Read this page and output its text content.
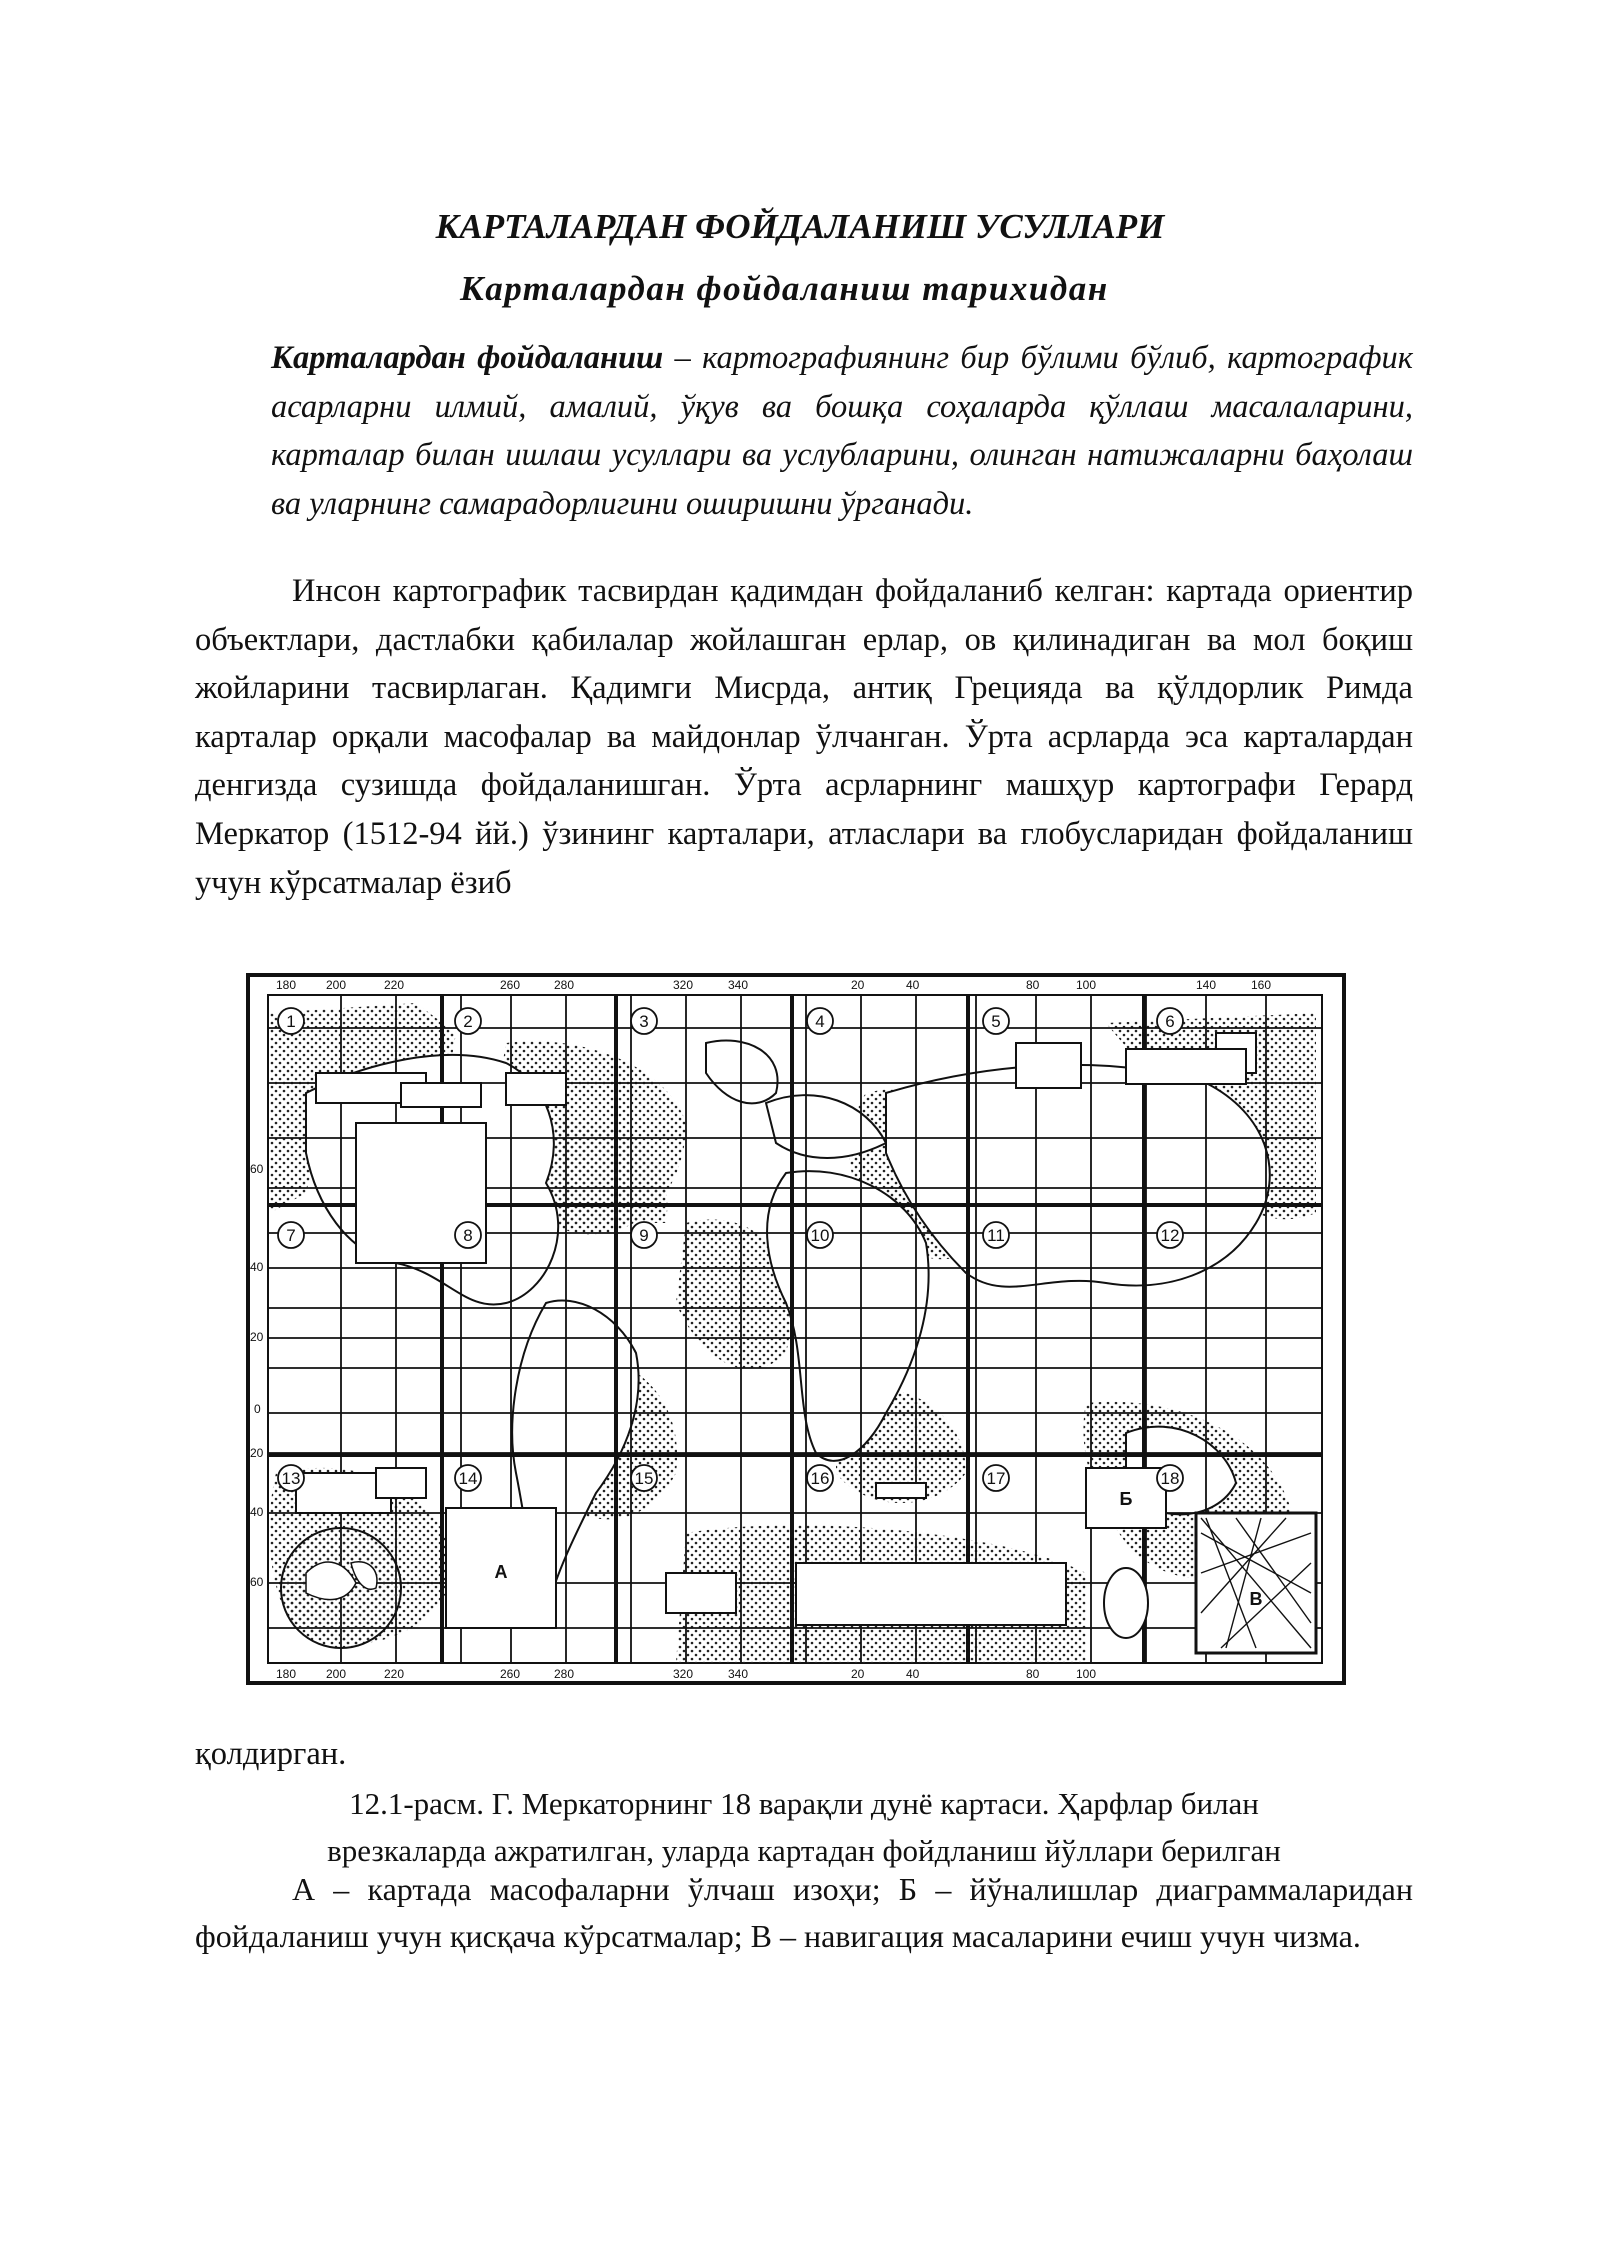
КАРТАЛАРДАН ФОЙДАЛАНИШ УСУЛЛАРИ
Карталардан фойдаланиш тарихидан

Карталардан фойдаланиш – картографиянинг бир бўлими бўлиб, картографик асарларни илмий, амалий, ўқув ва бошқа соҳаларда қўллаш масалаларини, карталар билан ишлаш усуллари ва услубларини, олинган натижаларни баҳолаш ва уларнинг самарадорлигини оширишни ўрганади.

Инсон картографик тасвирдан қадимдан фойдаланиб келган: картада ориентир объектлари, дастлабки қабилалар жойлашган ерлар, ов қилинадиган ва мол боқиш жойларини тасвирлаган. Қадимги Мисрда, антиқ Грецияда ва қўлдорлик Римда карталар орқали масофалар ва майдонлар ўлчанган. Ўрта асрларда эса карталардан денгизда сузишда фойдаланишган. Ўрта асрларнинг машҳур картографи Герард Меркатор (1512-94 йй.) ўзининг карталари, атласлари ва глобусларидан фойдаланиш учун кўрсатмалар ёзиб

А
Б
В
1	2	3	4	5	6
7	8	9	10	11	12
13	14	15	16	17	18
180 200	220	260	280	320	340	20	40	80	100	140	160
180 200	220	260	280	320	340	20	40	80	100
60
40
20
0
20
40
60

қолдирган.

12.1-расм. Г. Меркаторнинг 18 варақли дунё картаси. Ҳарфлар билан
врезкаларда ажратилган, уларда картадан фойдланиш йўллари берилган

А – картада масофаларни ўлчаш изоҳи; Б – йўналишлар диаграммаларидан фойдаланиш учун қисқача кўрсатмалар; В – навигация масаларини ечиш учун чизма.
